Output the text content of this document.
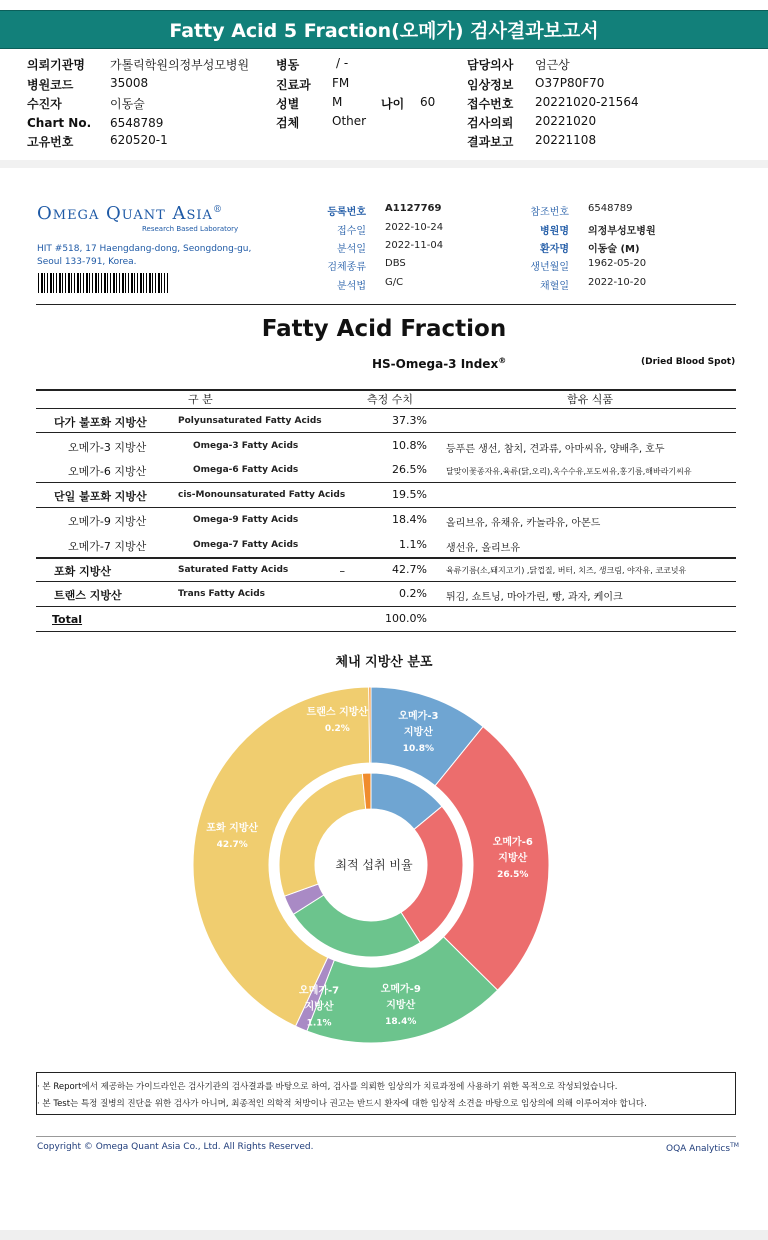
Fatty Acid 5 Fraction(오메가) 검사결과보고서
의뢰기관명 가톨릭학원의정부성모병원
병원코드	35008
수진자	이동술
Chart No. 6548789
고유번호	620520-1
병동	/ -
진료과 FM
성별	M
검체	Other
나이 60
담당의사 엄근상
임상정보 O37P80F70
접수번호 20221020-21564
검사의뢰 20221020
결과보고 20221108
Omega Quant Asia®
Research Based Laboratory
HIT #518, 17 Haengdang-dong, Seongdong-gu,
Seoul 133-791, Korea.
등록번호 A1127769
접수일 2022-10-24
분석일 2022-11-04
검체종류 DBS
분석법 G/C
참조번호 6548789
병원명 의정부성모병원
환자명 이동술 (M)
생년월일 1962-05-20
채혈일 2022-10-20
Fatty Acid Fraction
HS-Omega-3 Index®	(Dried Blood Spot)
구 분	측정 수치	함유 식품
다가 불포화 지방산	Polyunsaturated Fatty Acids	37.3%
오메가-3 지방산	Omega-3 Fatty Acids	10.8% 등푸른 생선, 참치, 견과류, 아마씨유, 양배추, 호두
오메가-6 지방산	Omega-6 Fatty Acids	26.5% 달맞이꽃종자유,육류(닭,오리),옥수수유,포도씨유,홍기름,해바라기씨유
단일 불포화 지방산	cis-Monounsaturated Fatty Acids	19.5%
오메가-9 지방산	Omega-9 Fatty Acids	18.4% 올리브유, 유채유, 카놀라유, 아몬드
오메가-7 지방산	Omega-7 Fatty Acids	1.1% 생선유, 올리브유
포화 지방산	Saturated Fatty Acids	_	42.7% 육류기름(소,돼지고기) ,닭껍질, 버터, 치즈, 생크림, 야자유, 코코넛유
트랜스 지방산	Trans Fatty Acids	0.2% 튀김, 쇼트닝, 마아가린, 빵, 과자, 케이크
Total	100.0%
체내 지방산 분포
오메가-3
지방산
10.8%
오메가-6
지방산
26.5%
오메가-9
지방산
18.4%
오메가-7
지방산
1.1%
포화 지방산
42.7%
트랜스 지방산
0.2%
최적 섭취 비율
· 본 Report에서 제공하는 가이드라인은 검사기관의 검사결과를 바탕으로 하여, 검사를 의뢰한 임상의가 치료과정에 사용하기 위한 목적으로 작성되었습니다.
· 본 Test는 특정 질병의 진단을 위한 검사가 아니며, 최종적인 의학적 처방이나 권고는 반드시 환자에 대한 임상적 소견을 바탕으로 임상의에 의해 이루어져야 합니다.
Copyright © Omega Quant Asia Co., Ltd. All Rights Reserved.	OQA Analytics™
